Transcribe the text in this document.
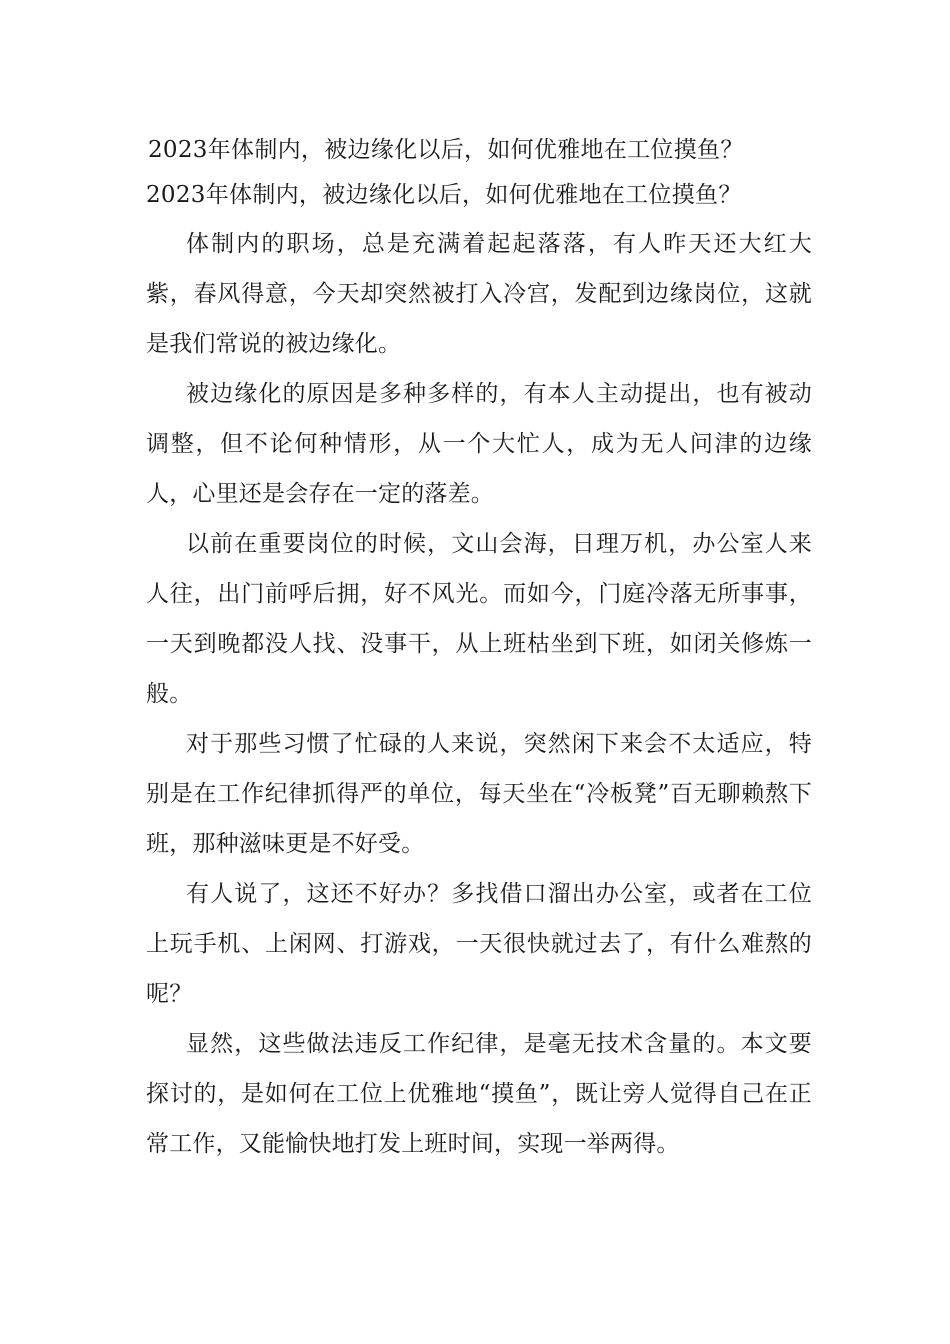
2023年体制内，被边缘化以后，如何优雅地在工位摸鱼？
2023年体制内，被边缘化以后，如何优雅地在工位摸鱼？

体制内的职场，总是充满着起起落落，有人昨天还大红大紫，春风得意，今天却突然被打入冷宫，发配到边缘岗位，这就是我们常说的被边缘化。

被边缘化的原因是多种多样的，有本人主动提出，也有被动调整，但不论何种情形，从一个大忙人，成为无人问津的边缘人，心里还是会存在一定的落差。

以前在重要岗位的时候，文山会海，日理万机，办公室人来人往，出门前呼后拥，好不风光。而如今，门庭冷落无所事事，一天到晚都没人找、没事干，从上班枯坐到下班，如闭关修炼一般。

对于那些习惯了忙碌的人来说，突然闲下来会不太适应，特别是在工作纪律抓得严的单位，每天坐在“冷板凳”百无聊赖熬下班，那种滋味更是不好受。

有人说了，这还不好办？多找借口溜出办公室，或者在工位上玩手机、上闲网、打游戏，一天很快就过去了，有什么难熬的呢？

显然，这些做法违反工作纪律，是毫无技术含量的。本文要探讨的，是如何在工位上优雅地“摸鱼”，既让旁人觉得自己在正常工作，又能愉快地打发上班时间，实现一举两得。
